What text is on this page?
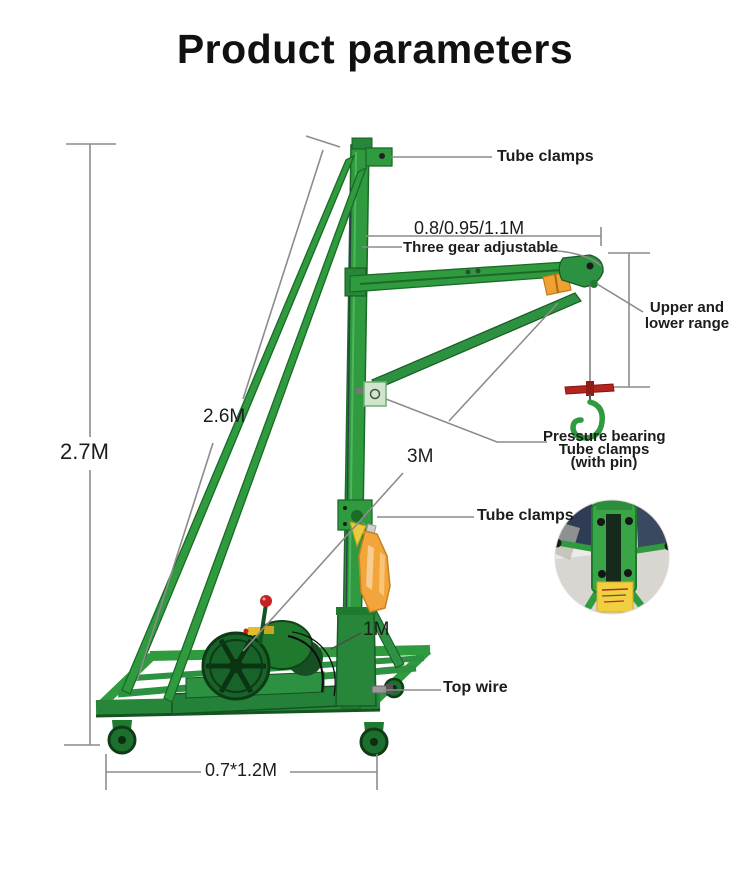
Product parameters
Tube clamps
0.8/0.95/1.1M
Three gear adjustable
Upper and
lower range
2.7M
2.6M
3M
Pressure bearing
Tube clamps
(with pin)
Tube clamps
1M
Top wire
0.7*1.2M
